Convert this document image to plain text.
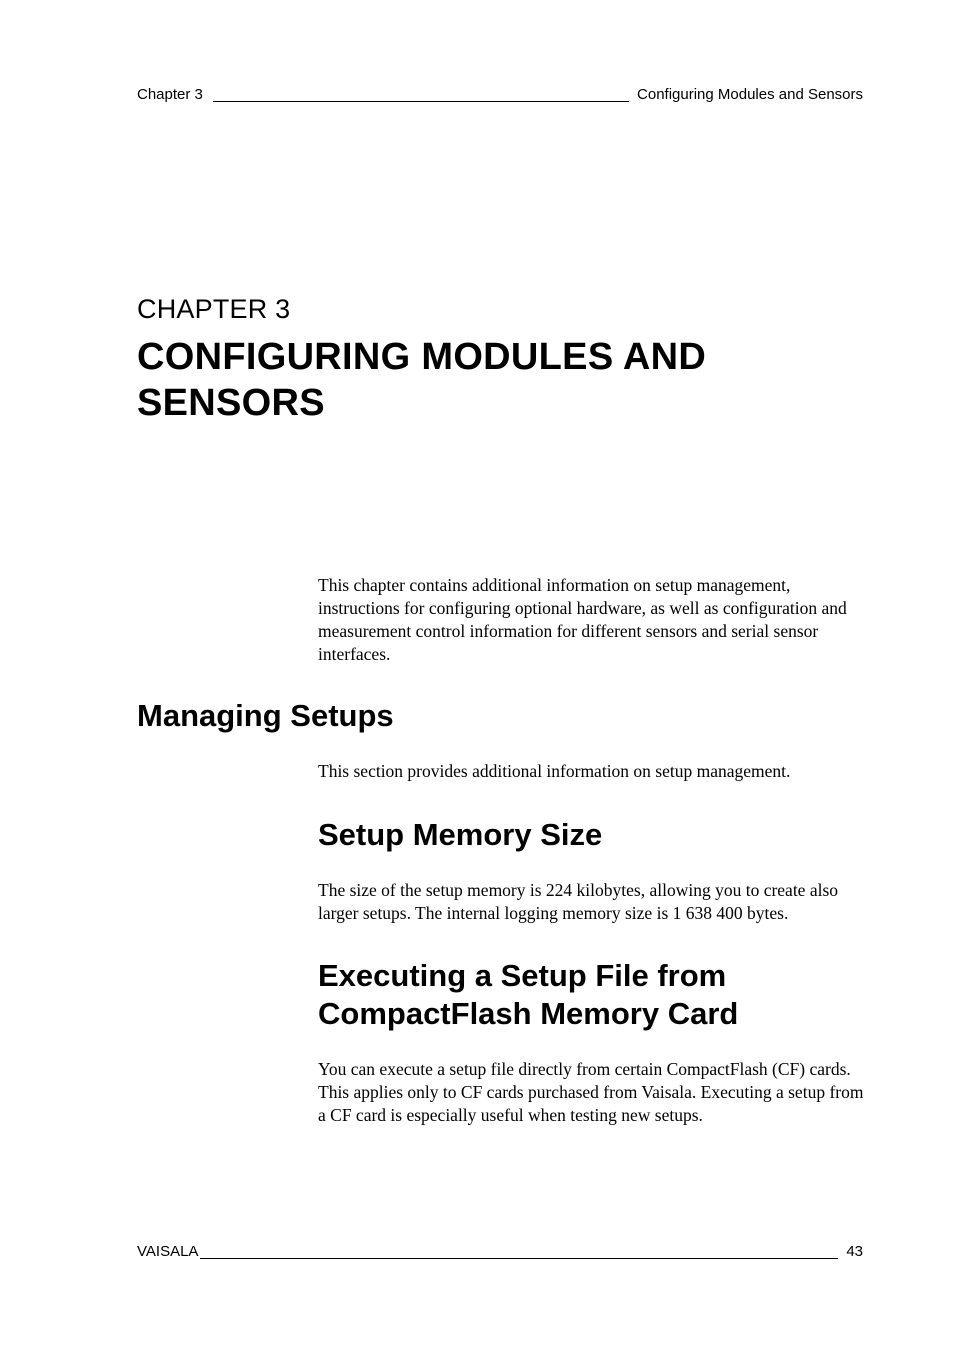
Chapter 3	Configuring Modules and Sensors
CHAPTER 3
CONFIGURING MODULES AND SENSORS

This chapter contains additional information on setup management, instructions for configuring optional hardware, as well as configuration and measurement control information for different sensors and serial sensor interfaces.

Managing Setups

This section provides additional information on setup management.

Setup Memory Size

The size of the setup memory is 224 kilobytes, allowing you to create also larger setups. The internal logging memory size is 1 638 400 bytes.

Executing a Setup File from CompactFlash Memory Card

You can execute a setup file directly from certain CompactFlash (CF) cards. This applies only to CF cards purchased from Vaisala. Executing a setup from a CF card is especially useful when testing new setups.

VAISALA	43
